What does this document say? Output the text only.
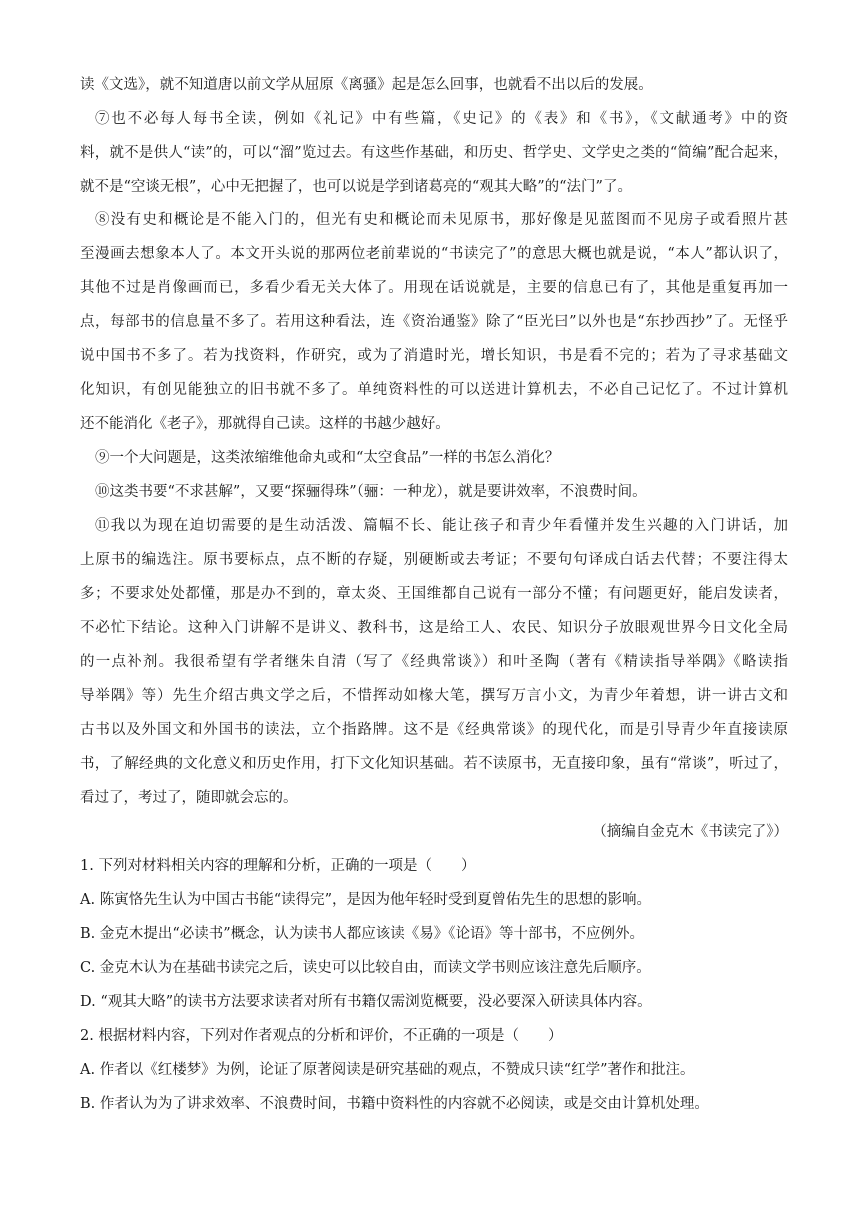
读《文选》，就不知道唐以前文学从屈原《离骚》起是怎么回事，也就看不出以后的发展。
⑦也不必每人每书全读，例如《礼记》中有些篇，《史记》的《表》和《书》，《文献通考》中的资
料，就不是供人“读”的，可以“溜”览过去。有这些作基础，和历史、哲学史、文学史之类的“简编”配合起来，
就不是“空谈无根”，心中无把握了，也可以说是学到诸葛亮的“观其大略”的“法门”了。
⑧没有史和概论是不能入门的，但光有史和概论而未见原书，那好像是见蓝图而不见房子或看照片甚
至漫画去想象本人了。本文开头说的那两位老前辈说的“书读完了”的意思大概也就是说，“本人”都认识了，
其他不过是肖像画而已，多看少看无关大体了。用现在话说就是，主要的信息已有了，其他是重复再加一
点，每部书的信息量不多了。若用这种看法，连《资治通鉴》除了“臣光曰”以外也是“东抄西抄”了。无怪乎
说中国书不多了。若为找资料，作研究，或为了消遣时光，增长知识，书是看不完的；若为了寻求基础文
化知识，有创见能独立的旧书就不多了。单纯资料性的可以送进计算机去，不必自己记忆了。不过计算机
还不能消化《老子》，那就得自己读。这样的书越少越好。
⑨一个大问题是，这类浓缩维他命丸或和“太空食品”一样的书怎么消化？
⑩这类书要“不求甚解”，又要“探骊得珠”（骊：一种龙），就是要讲效率，不浪费时间。
⑪我以为现在迫切需要的是生动活泼、篇幅不长、能让孩子和青少年看懂并发生兴趣的入门讲话，加
上原书的编选注。原书要标点，点不断的存疑，别硬断或去考证；不要句句译成白话去代替；不要注得太
多；不要求处处都懂，那是办不到的，章太炎、王国维都自己说有一部分不懂；有问题更好，能启发读者，
不必忙下结论。这种入门讲解不是讲义、教科书，这是给工人、农民、知识分子放眼观世界今日文化全局
的一点补剂。我很希望有学者继朱自清（写了《经典常谈》）和叶圣陶（著有《精读指导举隅》《略读指
导举隅》等）先生介绍古典文学之后，不惜挥动如椽大笔，撰写万言小文，为青少年着想，讲一讲古文和
古书以及外国文和外国书的读法，立个指路牌。这不是《经典常谈》的现代化，而是引导青少年直接读原
书，了解经典的文化意义和历史作用，打下文化知识基础。若不读原书，无直接印象，虽有“常谈”，听过了，
看过了，考过了，随即就会忘的。
（摘编自金克木《书读完了》）
1. 下列对材料相关内容的理解和分析，正确的一项是（　　）
A. 陈寅恪先生认为中国古书能“读得完”，是因为他年轻时受到夏曾佑先生的思想的影响。
B. 金克木提出“必读书”概念，认为读书人都应该读《易》《论语》等十部书，不应例外。
C. 金克木认为在基础书读完之后，读史可以比较自由，而读文学书则应该注意先后顺序。
D. “观其大略”的读书方法要求读者对所有书籍仅需浏览概要，没必要深入研读具体内容。
2. 根据材料内容，下列对作者观点的分析和评价，不正确的一项是（　　）
A. 作者以《红楼梦》为例，论证了原著阅读是研究基础的观点，不赞成只读“红学”著作和批注。
B. 作者认为为了讲求效率、不浪费时间，书籍中资料性的内容就不必阅读，或是交由计算机处理。
